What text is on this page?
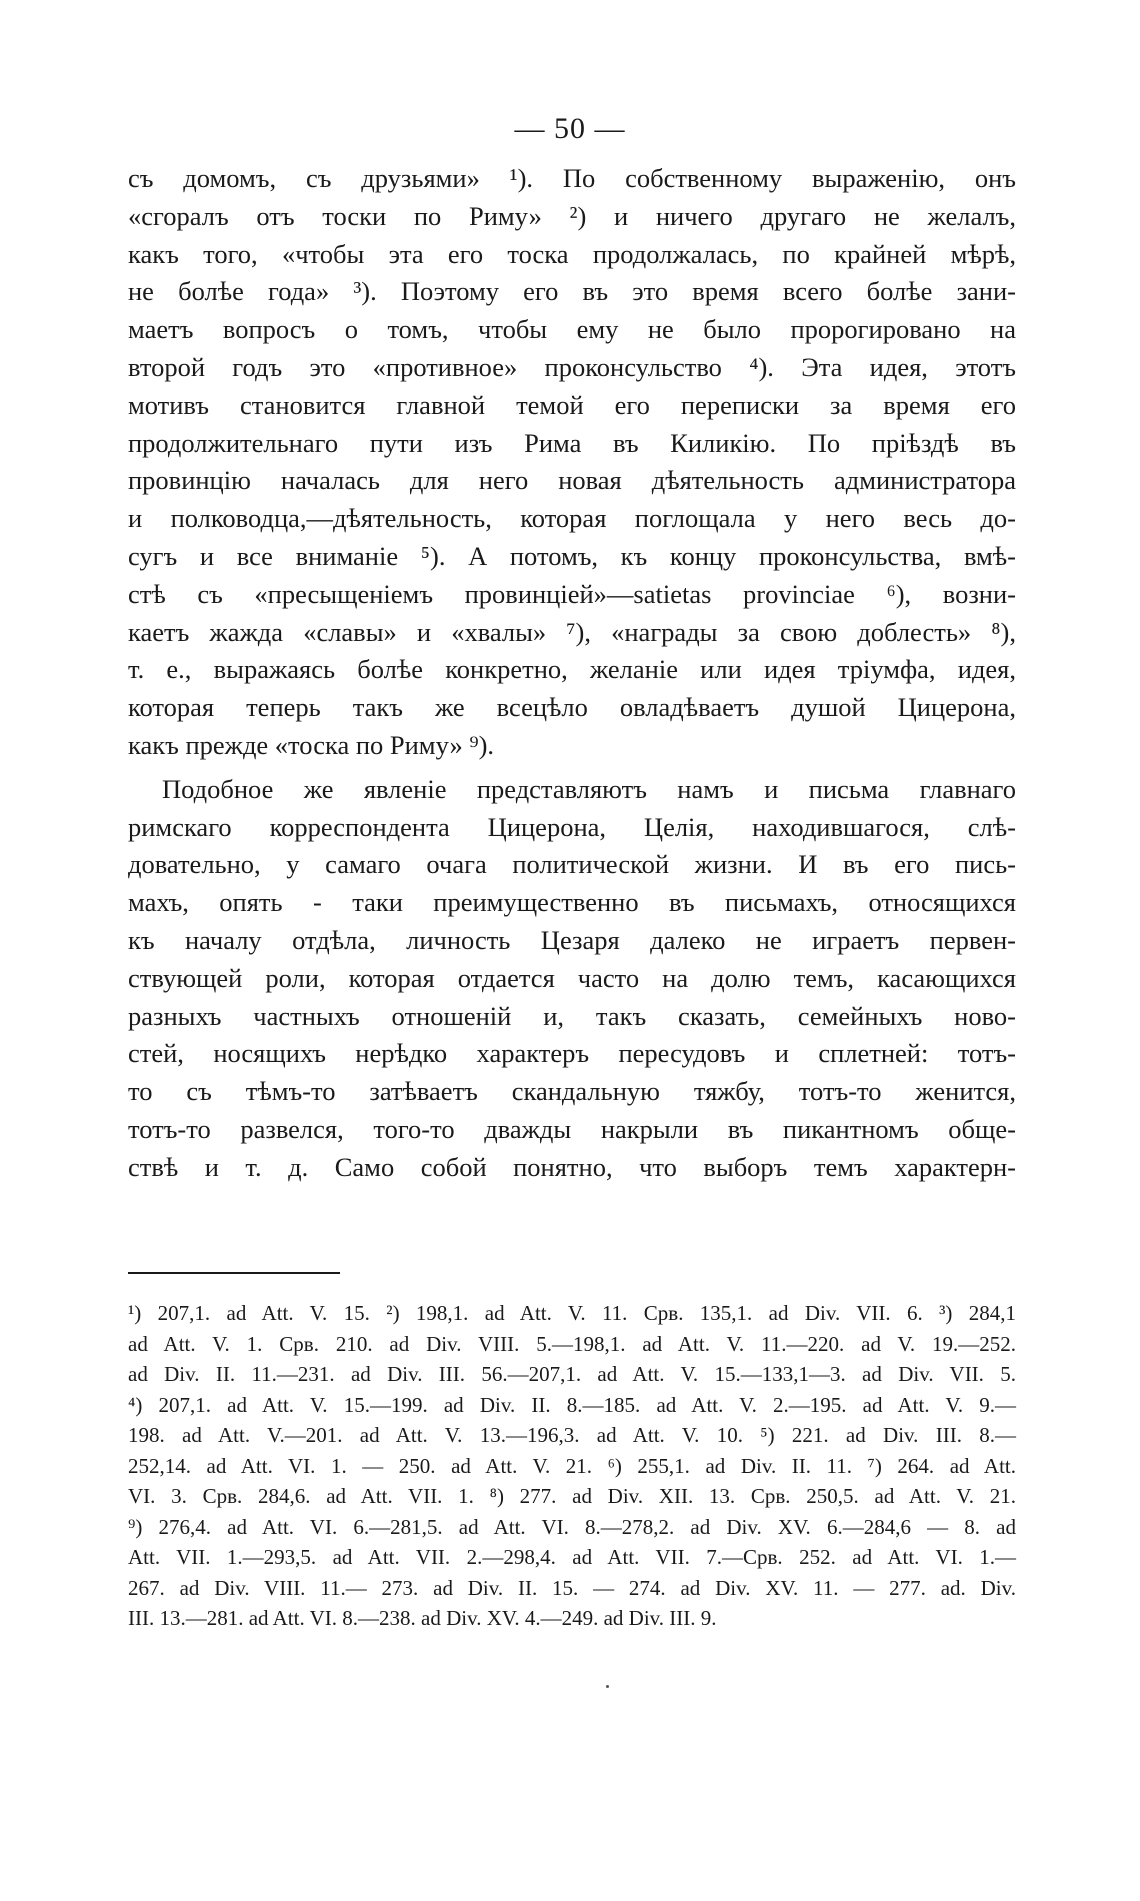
— 50 —
съ домомъ, съ друзьями» ¹). По собственному выраженію, онъ
«сгоралъ отъ тоски по Риму» ²) и ничего другаго не желалъ,
какъ того, «чтобы эта его тоска продолжалась, по крайней мѣрѣ,
не болѣе года» ³). Поэтому его въ это время всего болѣе зани-
маетъ вопросъ о томъ, чтобы ему не было пророгировано на
второй годъ это «противное» проконсульство ⁴). Эта идея, этотъ
мотивъ становится главной темой его переписки за время его
продолжительнаго пути изъ Рима въ Киликію. По пріѣздѣ въ
провинцію началась для него новая дѣятельность администратора
и полководца,—дѣятельность, которая поглощала у него весь до-
сугъ и все вниманіе ⁵). А потомъ, къ концу проконсульства, вмѣ-
стѣ съ «пресыщеніемъ провинціей»—satietas provinciae ⁶), возни-
каетъ жажда «славы» и «хвалы» ⁷), «награды за свою доблесть» ⁸),
т. е., выражаясь болѣе конкретно, желаніе или идея тріумфа, идея,
которая теперь такъ же всецѣло овладѣваетъ душой Цицерона,
какъ прежде «тоска по Риму» ⁹).
Подобное же явленіе представляютъ намъ и письма главнаго
римскаго корреспондента Цицерона, Целія, находившагося, слѣ-
довательно, у самаго очага политической жизни. И въ его пись-
махъ, опять - таки преимущественно въ письмахъ, относящихся
къ началу отдѣла, личность Цезаря далеко не играетъ первен-
ствующей роли, которая отдается часто на долю темъ, касающихся
разныхъ частныхъ отношеній и, такъ сказать, семейныхъ ново-
стей, носящихъ нерѣдко характеръ пересудовъ и сплетней: тотъ-
то съ тѣмъ-то затѣваетъ скандальную тяжбу, тотъ-то женится,
тотъ-то развелся, того-то дважды накрыли въ пикантномъ обще-
ствѣ и т. д. Само собой понятно, что выборъ темъ характерн-
¹) 207,1. ad Att. V. 15. ²) 198,1. ad Att. V. 11. Срв. 135,1. ad Div. VII. 6. ³) 284,1
ad Att. V. 1. Срв. 210. ad Div. VIII. 5.—198,1. ad Att. V. 11.—220. ad V. 19.—252.
ad Div. II. 11.—231. ad Div. III. 56.—207,1. ad Att. V. 15.—133,1—3. ad Div. VII. 5.
⁴) 207,1. ad Att. V. 15.—199. ad Div. II. 8.—185. ad Att. V. 2.—195. ad Att. V. 9.—
198. ad Att. V.—201. ad Att. V. 13.—196,3. ad Att. V. 10. ⁵) 221. ad Div. III. 8.—
252,14. ad Att. VI. 1. — 250. ad Att. V. 21. ⁶) 255,1. ad Div. II. 11. ⁷) 264. ad Att.
VI. 3. Срв. 284,6. ad Att. VII. 1. ⁸) 277. ad Div. XII. 13. Срв. 250,5. ad Att. V. 21.
⁹) 276,4. ad Att. VI. 6.—281,5. ad Att. VI. 8.—278,2. ad Div. XV. 6.—284,6 — 8. ad
Att. VII. 1.—293,5. ad Att. VII. 2.—298,4. ad Att. VII. 7.—Срв. 252. ad Att. VI. 1.—
267. ad Div. VIII. 11.— 273. ad Div. II. 15. — 274. ad Div. XV. 11. — 277. ad. Div.
III. 13.—281. ad Att. VI. 8.—238. ad Div. XV. 4.—249. ad Div. III. 9.
